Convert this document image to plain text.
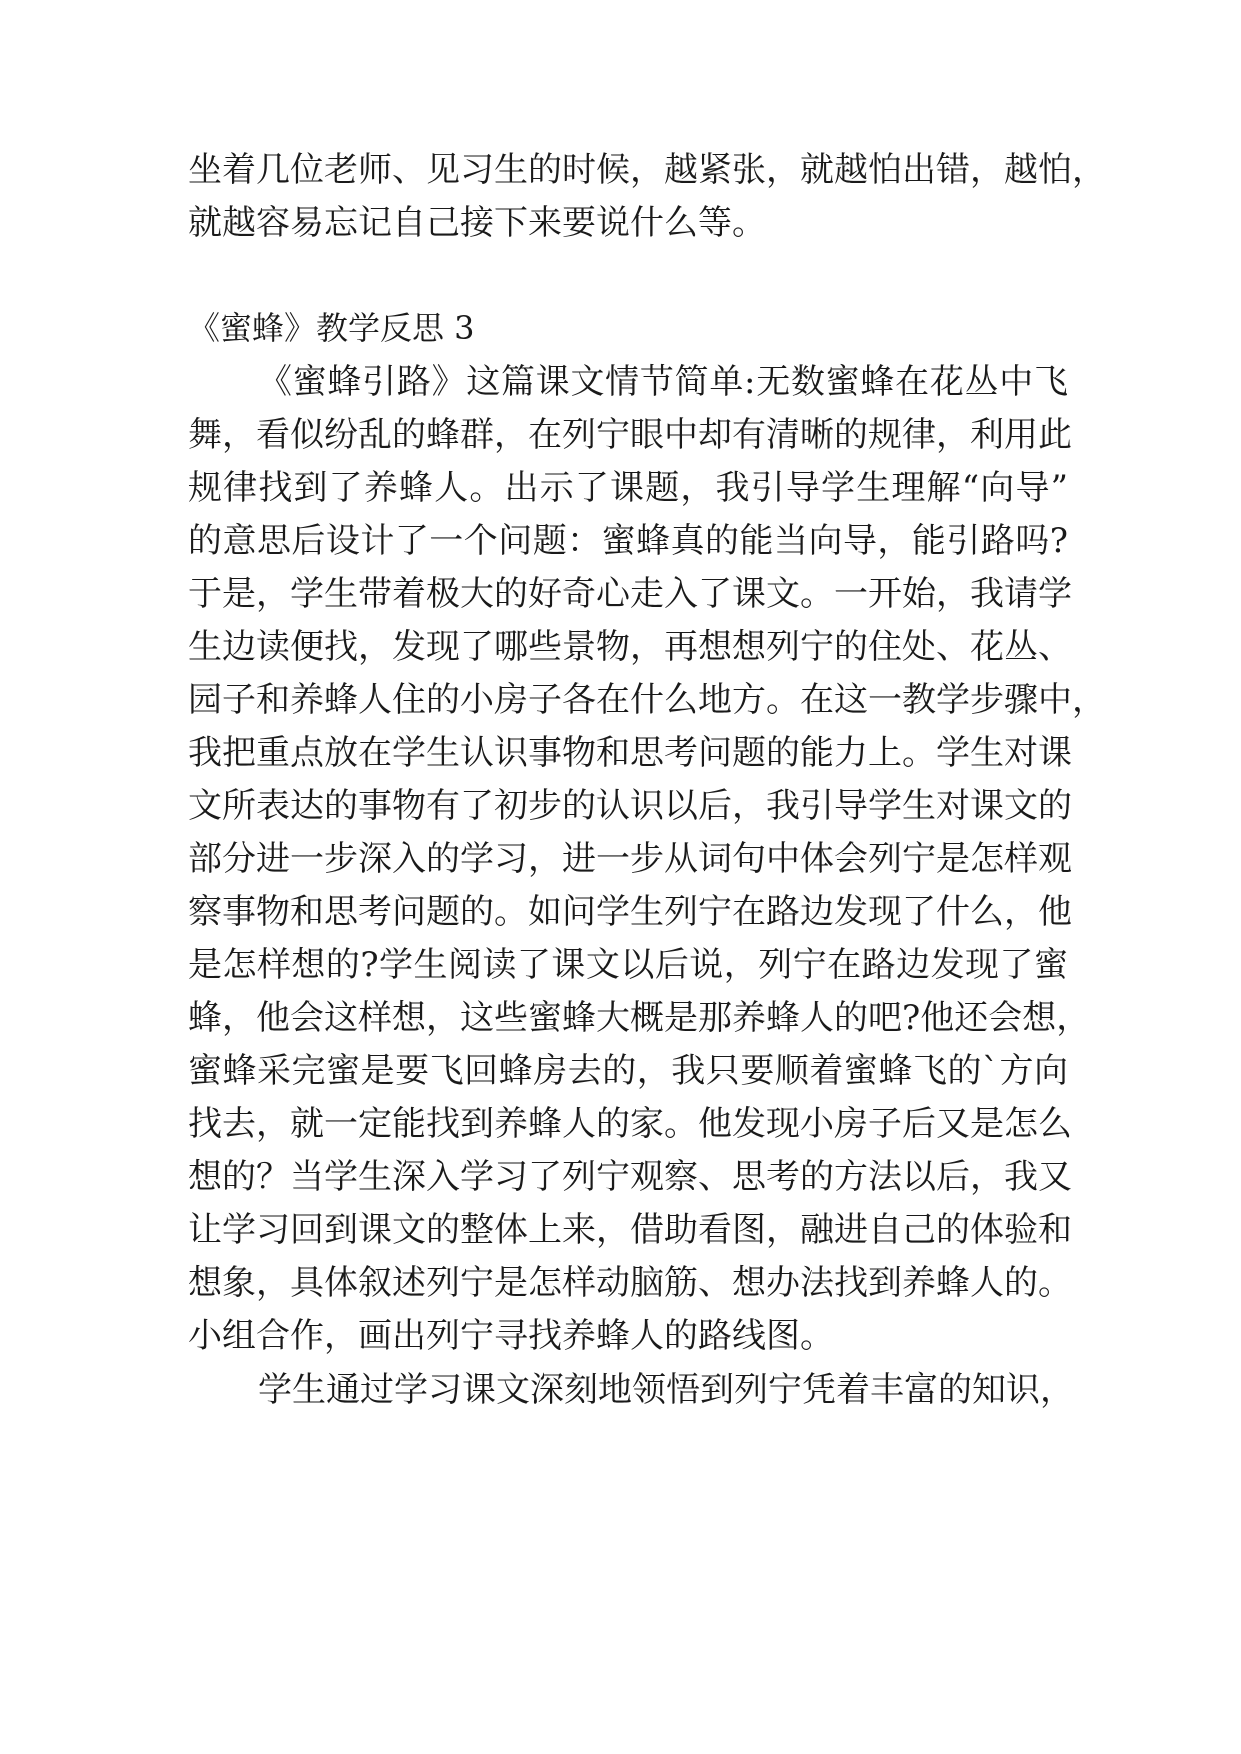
坐着几位老师、见习生的时候，越紧张，就越怕出错，越怕，
就越容易忘记自己接下来要说什么等。
《蜜蜂》教学反思 3
《蜜蜂引路》这篇课文情节简单:无数蜜蜂在花丛中飞
舞，看似纷乱的蜂群，在列宁眼中却有清晰的规律，利用此
规律找到了养蜂人。出示了课题，我引导学生理解“向导”
的意思后设计了一个问题：蜜蜂真的能当向导，能引路吗?
于是，学生带着极大的好奇心走入了课文。一开始，我请学
生边读便找，发现了哪些景物，再想想列宁的住处、花丛、
园子和养蜂人住的小房子各在什么地方。在这一教学步骤中，
我把重点放在学生认识事物和思考问题的能力上。学生对课
文所表达的事物有了初步的认识以后，我引导学生对课文的
部分进一步深入的学习，进一步从词句中体会列宁是怎样观
察事物和思考问题的。如问学生列宁在路边发现了什么，他
是怎样想的?学生阅读了课文以后说，列宁在路边发现了蜜
蜂，他会这样想，这些蜜蜂大概是那养蜂人的吧?他还会想，
蜜蜂采完蜜是要飞回蜂房去的，我只要顺着蜜蜂飞的`方向
找去，就一定能找到养蜂人的家。他发现小房子后又是怎么
想的？当学生深入学习了列宁观察、思考的方法以后，我又
让学习回到课文的整体上来，借助看图，融进自己的体验和
想象，具体叙述列宁是怎样动脑筋、想办法找到养蜂人的。
小组合作，画出列宁寻找养蜂人的路线图。
学生通过学习课文深刻地领悟到列宁凭着丰富的知识，
